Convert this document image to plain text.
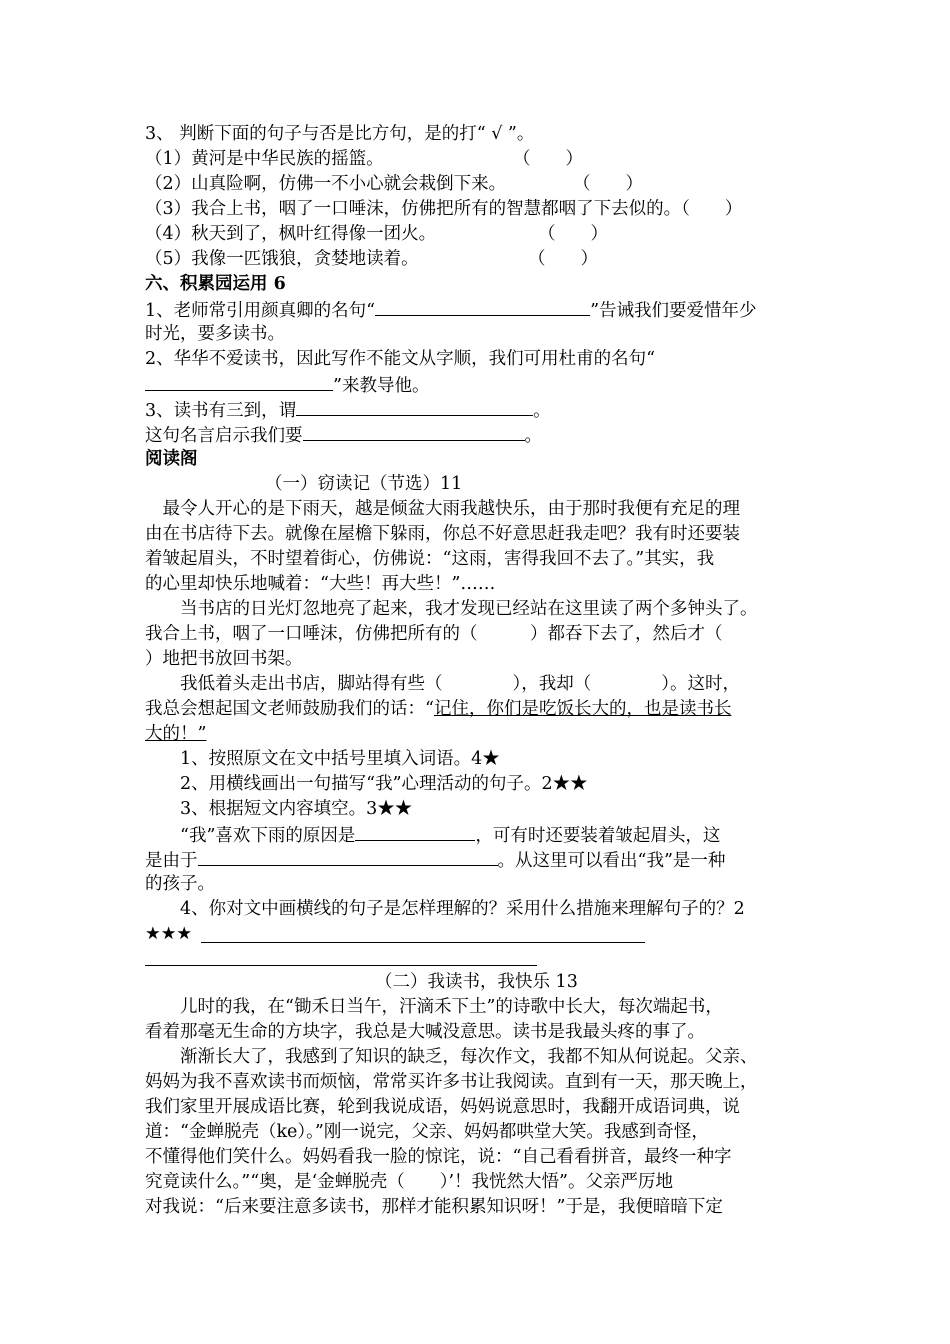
3、 判断下面的句子与否是比方句，是的打“ √ ”。
（1）黄河是中华民族的摇篮。	（　　）
（2）山真险啊，仿佛一不小心就会栽倒下来。	（　　）
（3）我合上书，咽了一口唾沫，仿佛把所有的智慧都咽了下去似的。（　　）
（4）秋天到了，枫叶红得像一团火。	（　　）
（5）我像一匹饿狼，贪婪地读着。	（　　）
六、积累园运用 6
1、老师常引用颜真卿的名句“	”告诫我们要爱惜年少
时光，要多读书。
2、华华不爱读书，因此写作不能文从字顺，我们可用杜甫的名句“
”来教导他。
3、读书有三到，谓	。
这句名言启示我们要	。
阅读阁
（一）窃读记（节选）11
　最令人开心的是下雨天，越是倾盆大雨我越快乐，由于那时我便有充足的理
由在书店待下去。就像在屋檐下躲雨，你总不好意思赶我走吧？我有时还要装
着皱起眉头，不时望着街心，仿佛说：“这雨，害得我回不去了。”其实，我
的心里却快乐地喊着：“大些！再大些！”……
　　当书店的日光灯忽地亮了起来，我才发现已经站在这里读了两个多钟头了。
我合上书，咽了一口唾沫，仿佛把所有的（　　　）都吞下去了，然后才（
）地把书放回书架。
　　我低着头走出书店，脚站得有些（　　　　），我却（　　　　）。这时，
我总会想起国文老师鼓励我们的话：“记住，你们是吃饭长大的，也是读书长
大的！”
　　1、按照原文在文中括号里填入词语。4★
　　2、用横线画出一句描写“我”心理活动的句子。2★★
　　3、根据短文内容填空。3★★
　　“我”喜欢下雨的原因是	，可有时还要装着皱起眉头，这
是由于	。从这里可以看出“我”是一种
的孩子。
　　4、你对文中画横线的句子是怎样理解的？采用什么措施来理解句子的？2
★★★
（二）我读书，我快乐 13
　　儿时的我，在“锄禾日当午，汗滴禾下土”的诗歌中长大，每次端起书，
看着那毫无生命的方块字，我总是大喊没意思。读书是我最头疼的事了。
　　渐渐长大了，我感到了知识的缺乏，每次作文，我都不知从何说起。父亲、
妈妈为我不喜欢读书而烦恼，常常买许多书让我阅读。直到有一天，那天晚上，
我们家里开展成语比赛，轮到我说成语，妈妈说意思时，我翻开成语词典，说
道：“金蝉脱壳（ke）。”刚一说完，父亲、妈妈都哄堂大笑。我感到奇怪，
不懂得他们笑什么。妈妈看我一脸的惊诧，说：“自己看看拼音，最终一种字
究竟读什么。”“奥，是‘金蝉脱壳（　　）’！我恍然大悟”。父亲严厉地
对我说：“后来要注意多读书，那样才能积累知识呀！”于是，我便暗暗下定
